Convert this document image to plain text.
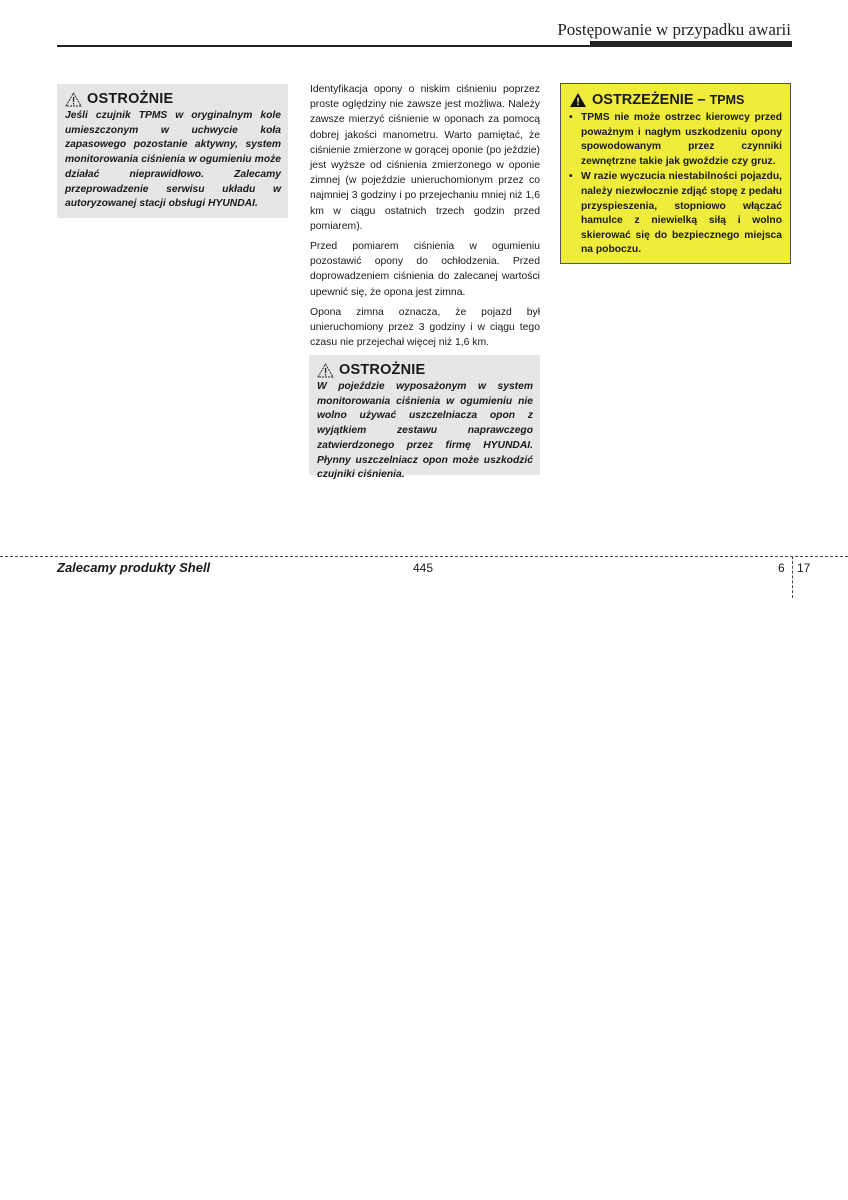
Postępowanie w przypadku awarii
OSTROŻNIE
Jeśli czujnik TPMS w oryginalnym kole umieszczonym w uchwycie koła zapasowego pozostanie aktywny, system monitorowania ciśnienia w ogumieniu może działać nieprawidłowo. Zalecamy przeprowadzenie serwisu układu w autoryzowanej stacji obsługi HYUNDAI.

Identyfikacja opony o niskim ciśnieniu poprzez proste oględziny nie zawsze jest możliwa. Należy zawsze mierzyć ciśnienie w oponach za pomocą dobrej jakości manometru. Warto pamiętać, że ciśnienie zmierzone w gorącej oponie (po jeździe) jest wyższe od ciśnienia zmierzonego w oponie zimnej (w pojeździe unieruchomionym przez co najmniej 3 godziny i po przejechaniu mniej niż 1,6 km w ciągu ostatnich trzech godzin przed pomiarem).

Przed pomiarem ciśnienia w ogumieniu pozostawić opony do ochłodzenia. Przed doprowadzeniem ciśnienia do zalecanej wartości upewnić się, że opona jest zimna.

Opona zimna oznacza, że pojazd był unieruchomiony przez 3 godziny i w ciągu tego czasu nie przejechał więcej niż 1,6 km.

OSTROŻNIE
W pojeździe wyposażonym w system monitorowania ciśnienia w ogumieniu nie wolno używać uszczelniacza opon z wyjątkiem zestawu naprawczego zatwierdzonego przez firmę HYUNDAI. Płynny uszczelniacz opon może uszkodzić czujniki ciśnienia.
OSTRZEŻENIE – TPMS
• TPMS nie może ostrzec kierowcy przed poważnym i nagłym uszkodzeniu opony spowodowanym przez czynniki zewnętrzne takie jak gwoździe czy gruz.
• W razie wyczucia niestabilności pojazdu, należy niezwłocznie zdjąć stopę z pedału przyspieszenia, stopniowo włączać hamulce z niewielką siłą i wolno skierować się do bezpiecznego miejsca na poboczu.
Zalecamy produkty Shell	445	6 17
